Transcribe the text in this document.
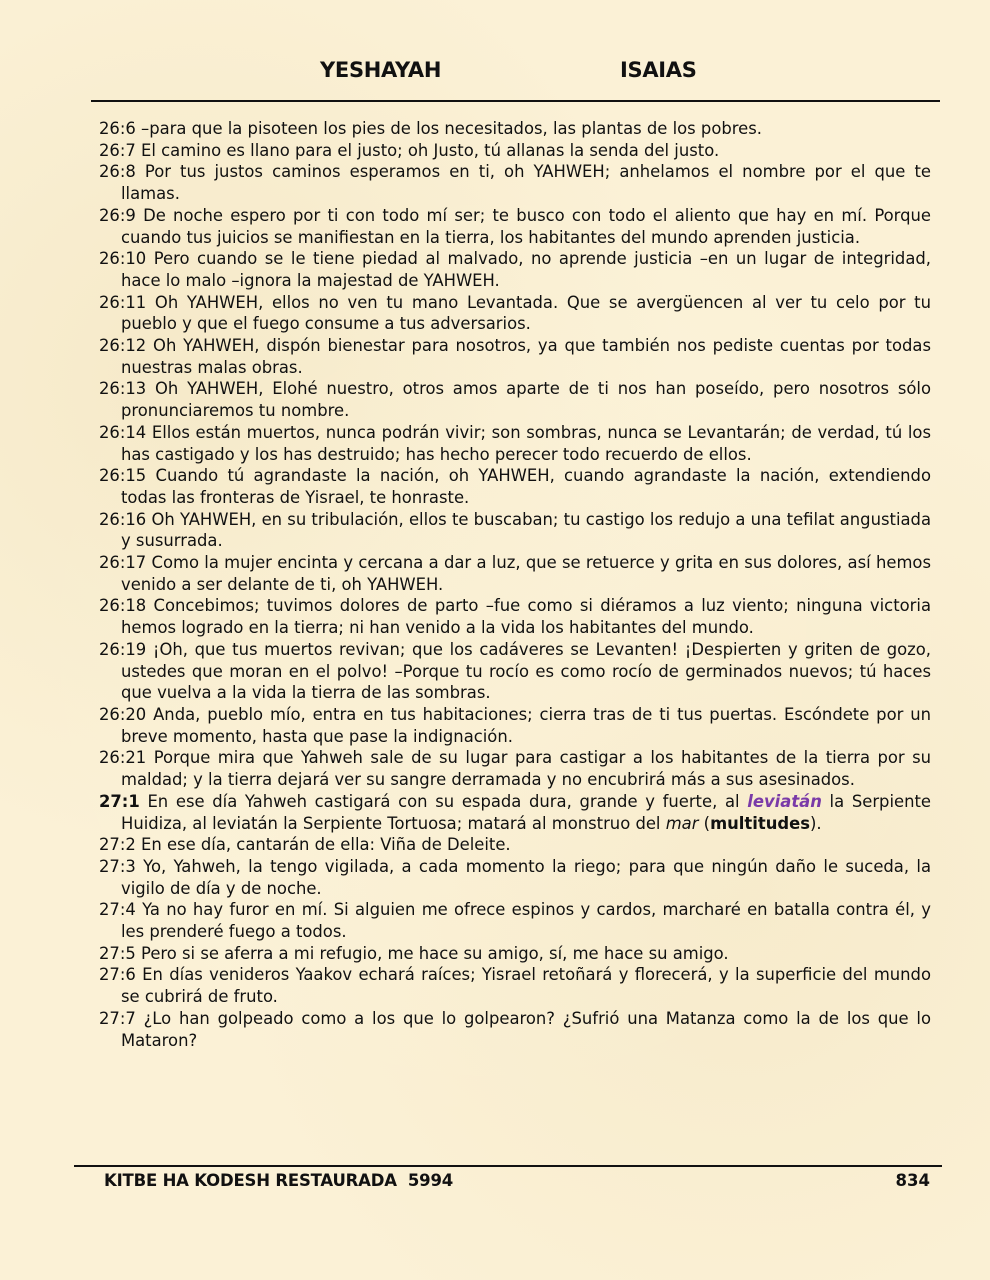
YESHAYAH	ISAIAS

26:6 –para que la pisoteen los pies de los necesitados, las plantas de los pobres.

26:7 El camino es llano para el justo; oh Justo, tú allanas la senda del justo.

26:8 Por tus justos caminos esperamos en ti, oh YAHWEH; anhelamos el nombre por el que te llamas.

26:9 De noche espero por ti con todo mí ser; te busco con todo el aliento que hay en mí. Porque cuando tus juicios se manifiestan en la tierra, los habitantes del mundo aprenden justicia.

26:10 Pero cuando se le tiene piedad al malvado, no aprende justicia –en un lugar de integridad, hace lo malo –ignora la majestad de YAHWEH.

26:11 Oh YAHWEH, ellos no ven tu mano Levantada. Que se avergüencen al ver tu celo por tu pueblo y que el fuego consume a tus adversarios.

26:12 Oh YAHWEH, dispón bienestar para nosotros, ya que también nos pediste cuentas por todas nuestras malas obras.

26:13 Oh YAHWEH, Elohé nuestro, otros amos aparte de ti nos han poseído, pero nosotros sólo pronunciaremos tu nombre.

26:14 Ellos están muertos, nunca podrán vivir; son sombras, nunca se Levantarán; de verdad, tú los has castigado y los has destruido; has hecho perecer todo recuerdo de ellos.

26:15 Cuando tú agrandaste la nación, oh YAHWEH, cuando agrandaste la nación, extendiendo todas las fronteras de Yisrael, te honraste.

26:16 Oh YAHWEH, en su tribulación, ellos te buscaban; tu castigo los redujo a una tefilat angustiada y susurrada.

26:17 Como la mujer encinta y cercana a dar a luz, que se retuerce y grita en sus dolores, así hemos venido a ser delante de ti, oh YAHWEH.

26:18 Concebimos; tuvimos dolores de parto –fue como si diéramos a luz viento; ninguna victoria hemos logrado en la tierra; ni han venido a la vida los habitantes del mundo.

26:19 ¡Oh, que tus muertos revivan; que los cadáveres se Levanten! ¡Despierten y griten de gozo, ustedes que moran en el polvo! –Porque tu rocío es como rocío de germinados nuevos; tú haces que vuelva a la vida la tierra de las sombras.

26:20 Anda, pueblo mío, entra en tus habitaciones; cierra tras de ti tus puertas. Escóndete por un breve momento, hasta que pase la indignación.

26:21 Porque mira que Yahweh sale de su lugar para castigar a los habitantes de la tierra por su maldad; y la tierra dejará ver su sangre derramada y no encubrirá más a sus asesinados.

27:1 En ese día Yahweh castigará con su espada dura, grande y fuerte, al leviatán la Serpiente Huidiza, al leviatán la Serpiente Tortuosa; matará al monstruo del mar (multitudes).

27:2 En ese día, cantarán de ella: Viña de Deleite.

27:3 Yo, Yahweh, la tengo vigilada, a cada momento la riego; para que ningún daño le suceda, la vigilo de día y de noche.

27:4 Ya no hay furor en mí. Si alguien me ofrece espinos y cardos, marcharé en batalla contra él, y les prenderé fuego a todos.

27:5 Pero si se aferra a mi refugio, me hace su amigo, sí, me hace su amigo.

27:6 En días venideros Yaakov echará raíces; Yisrael retoñará y florecerá, y la superficie del mundo se cubrirá de fruto.

27:7 ¿Lo han golpeado como a los que lo golpearon? ¿Sufrió una Matanza como la de los que lo Mataron?

KITBE HA KODESH RESTAURADA  5994	834
